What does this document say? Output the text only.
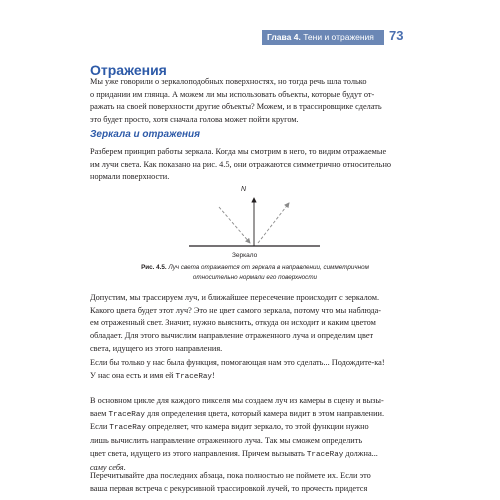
Глава 4. Тени и отражения	73
Отражения
Мы уже говорили о зеркалоподобных поверхностях, но тогда речь шла только
о придании им глянца. А можем ли мы использовать объекты, которые будут от-
ражать на своей поверхности другие объекты? Можем, и в трассировщике сделать
это будет просто, хотя сначала голова может пойти кругом.
Зеркала и отражения
Разберем принцип работы зеркала. Когда мы смотрим в него, то видим отражаемые
им лучи света. Как показано на рис. 4.5, они отражаются симметрично относительно
нормали поверхности.
N
Зеркало
Рис. 4.5. Луч света отражается от зеркала в направлении, симметричном
относительно нормали его поверхности
Допустим, мы трассируем луч, и ближайшее пересечение происходит с зеркалом.
Какого цвета будет этот луч? Это не цвет самого зеркала, потому что мы наблюда-
ем отраженный свет. Значит, нужно выяснить, откуда он исходит и каким цветом
обладает. Для этого вычислим направление отраженного луча и определим цвет
света, идущего из этого направления.
Если бы только у нас была функция, помогающая нам это сделать... Подождите-ка!
У нас она есть и имя ей TraceRay!
В основном цикле для каждого пикселя мы создаем луч из камеры в сцену и вызы-
ваем TraceRay для определения цвета, который камера видит в этом направлении.
Если TraceRay определяет, что камера видит зеркало, то этой функции нужно
лишь вычислить направление отраженного луча. Так мы сможем определить
цвет света, идущего из этого направления. Причем вызывать TraceRay должна...
саму себя.
Перечитывайте два последних абзаца, пока полностью не поймете их. Если это
ваша первая встреча с рекурсивной трассировкой лучей, то прочесть придется
